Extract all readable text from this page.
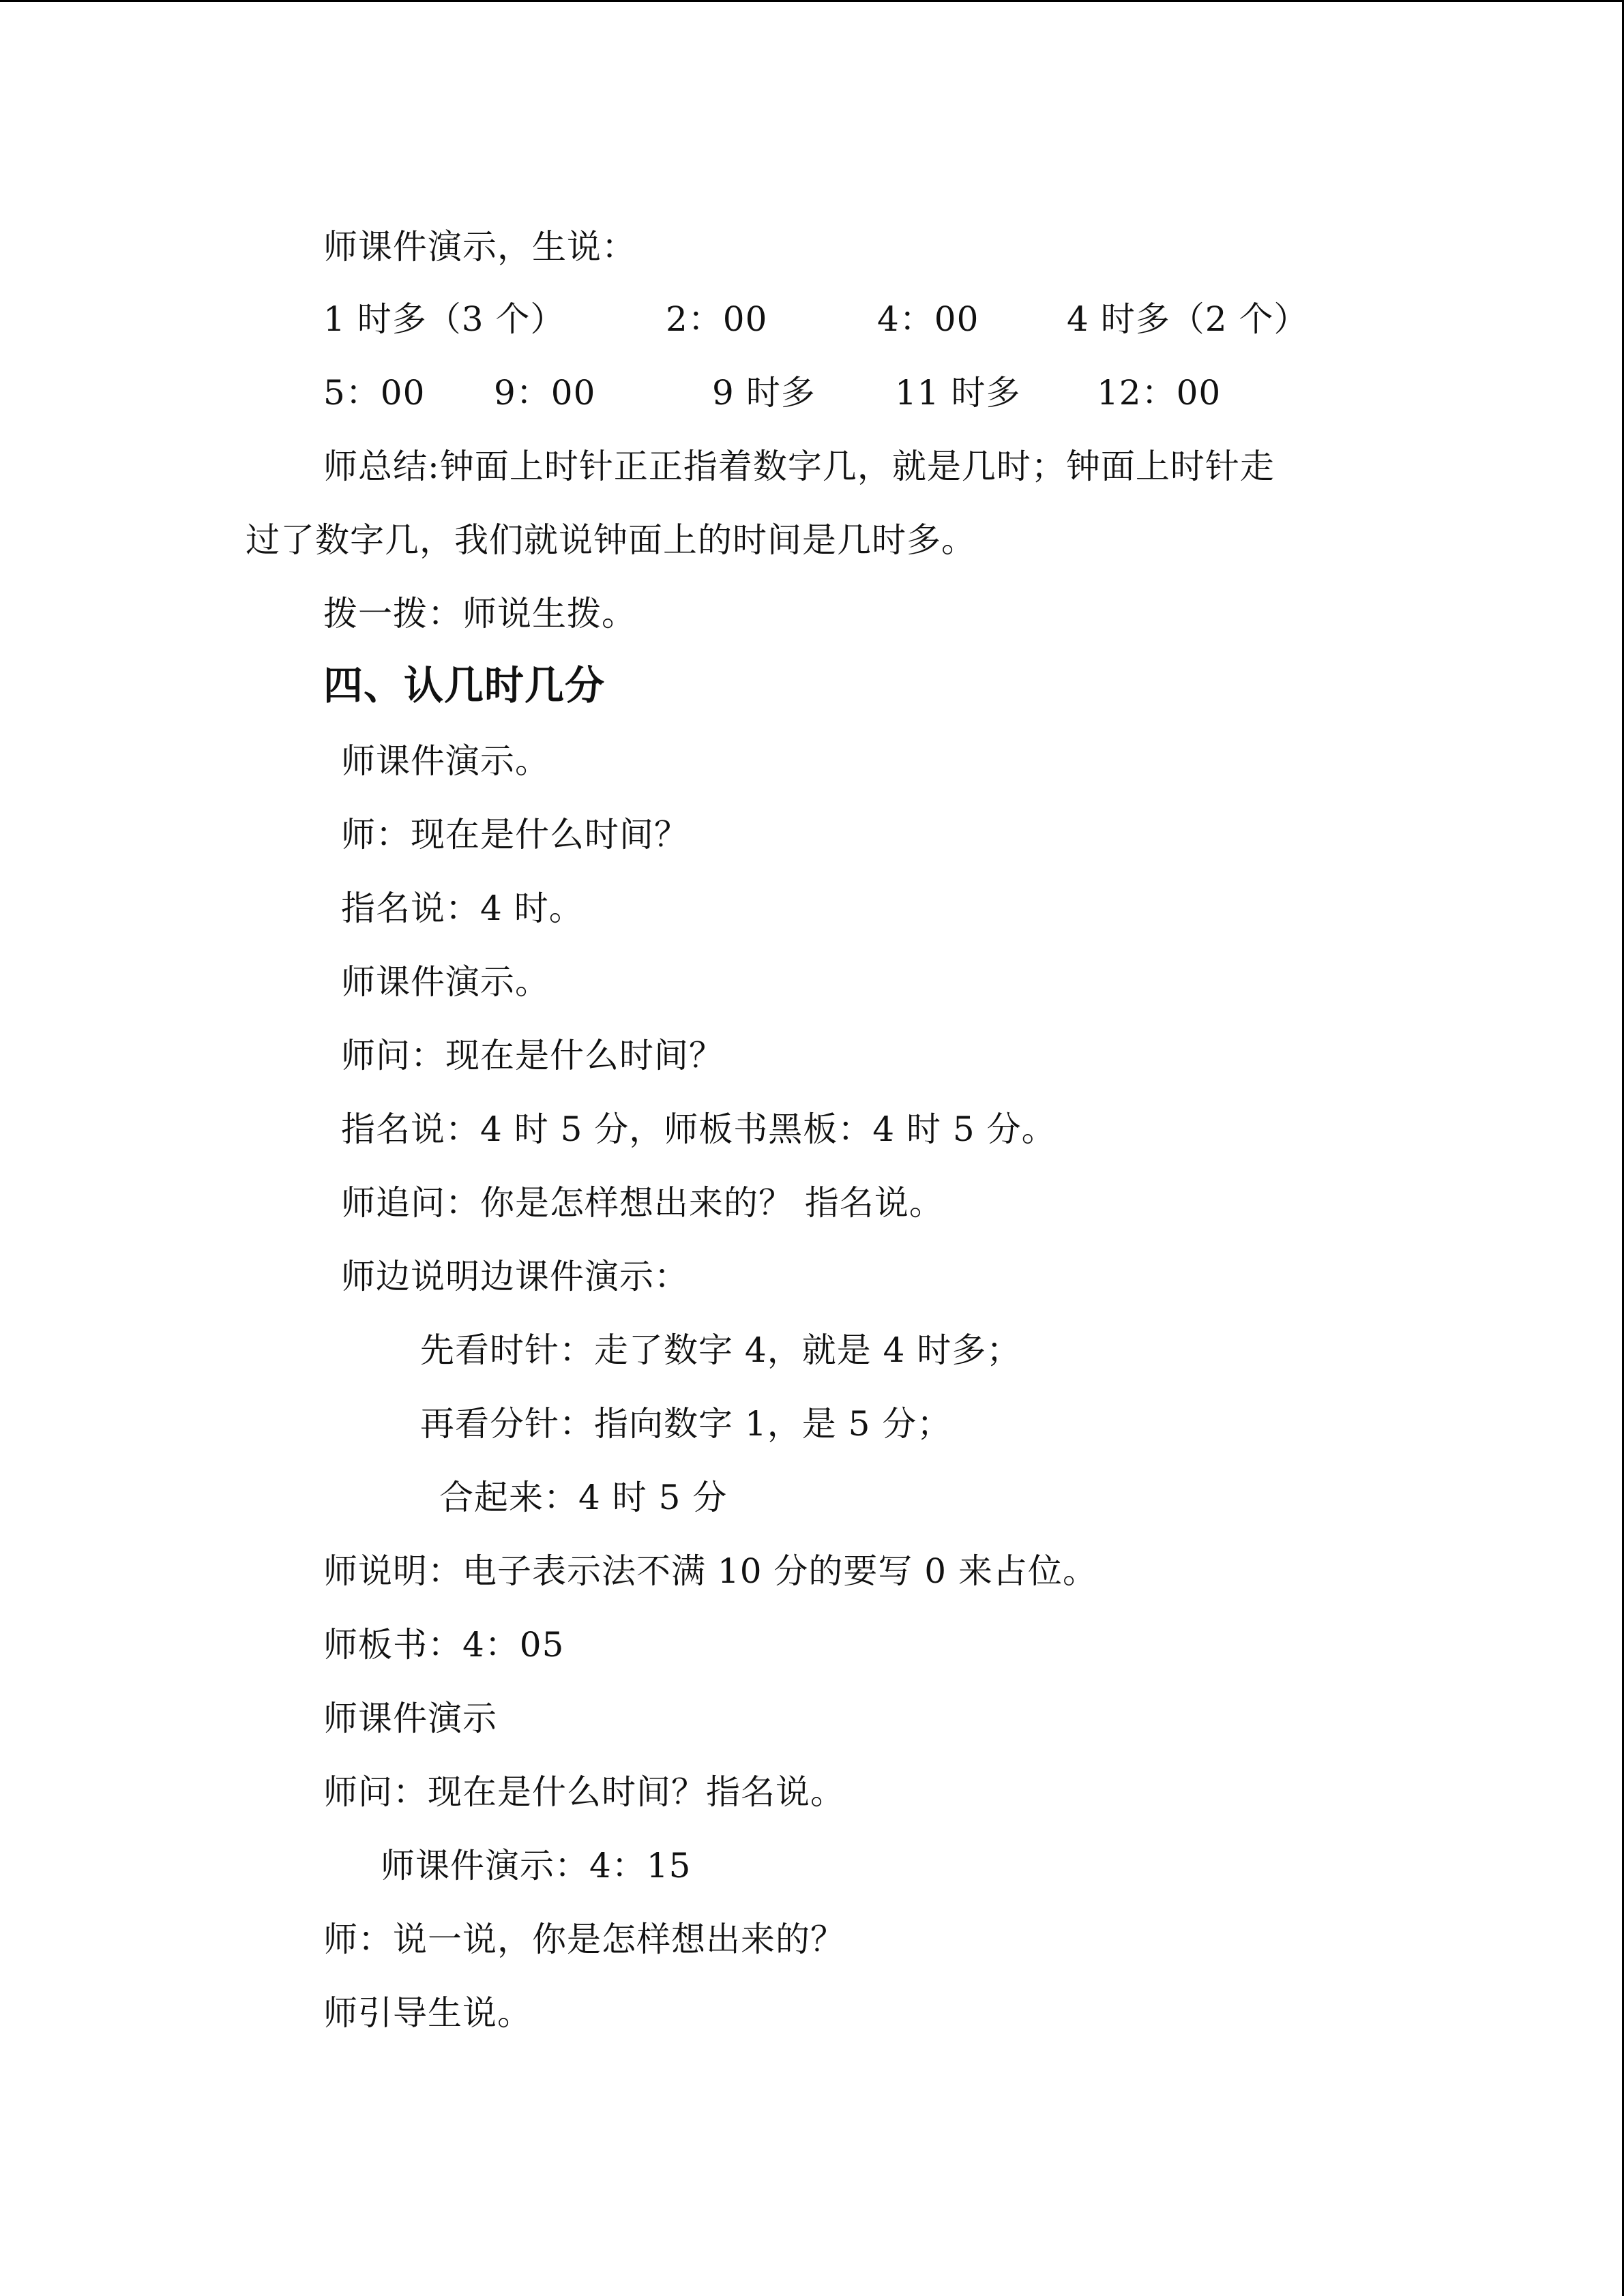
师课件演示，生说：
1 时多（3 个）	2：00	4：00	4 时多（2 个）
5：00 9：00	9 时多 11 时多 12：00
师总结:钟面上时针正正指着数字几，就是几时；钟面上时针走
过了数字几，我们就说钟面上的时间是几时多。
拨一拨：师说生拨。
四、认几时几分
师课件演示。
师：现在是什么时间？
指名说：4 时。
师课件演示。
师问：现在是什么时间？
指名说：4 时 5 分，师板书黑板：4 时 5 分。
师追问：你是怎样想出来的？ 指名说。
师边说明边课件演示：
先看时针：走了数字 4，就是 4 时多；
再看分针：指向数字 1，是 5 分；
合起来：4 时 5 分
师说明：电子表示法不满 10 分的要写 0 来占位。
师板书：4：05
师课件演示
师问：现在是什么时间？指名说。
师课件演示：4：15
师：说一说，你是怎样想出来的？
师引导生说。
